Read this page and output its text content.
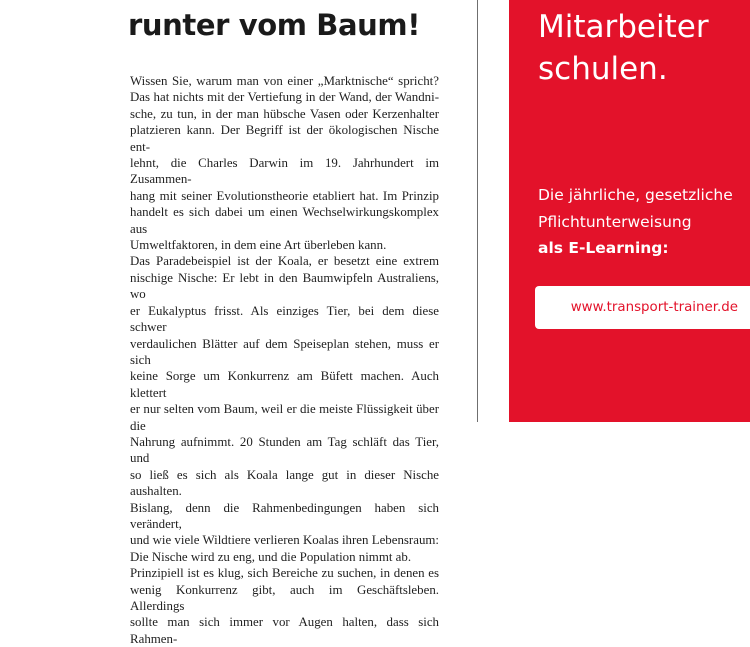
runter vom Baum!

Wissen Sie, warum man von einer „Marktnische“ spricht?

Das hat nichts mit der Vertiefung in der Wand, der Wandni-

sche, zu tun, in der man hübsche Vasen oder Kerzenhalter

platzieren kann. Der Begriff ist der ökologischen Nische ent-

lehnt, die Charles Darwin im 19. Jahrhundert im Zusammen-

hang mit seiner Evolutionstheorie etabliert hat. Im Prinzip

handelt es sich dabei um einen Wechselwirkungskomplex aus

Umweltfaktoren, in dem eine Art überleben kann.

Das Paradebeispiel ist der Koala, er besetzt eine extrem

nischige Nische: Er lebt in den Baumwipfeln Australiens, wo

er Eukalyptus frisst. Als einziges Tier, bei dem diese schwer

verdaulichen Blätter auf dem Speiseplan stehen, muss er sich

keine Sorge um Konkurrenz am Büfett machen. Auch klettert

er nur selten vom Baum, weil er die meiste Flüssigkeit über die

Nahrung aufnimmt. 20 Stunden am Tag schläft das Tier, und

so ließ es sich als Koala lange gut in dieser Nische aushalten.

Bislang, denn die Rahmenbedingungen haben sich verändert,

und wie viele Wildtiere verlieren Koalas ihren Lebensraum:

Die Nische wird zu eng, und die Population nimmt ab.

Prinzipiell ist es klug, sich Bereiche zu suchen, in denen es

wenig Konkurrenz gibt, auch im Geschäftsleben. Allerdings

sollte man sich immer vor Augen halten, dass sich Rahmen-

Mitarbeiter
schulen.
Die jährliche, gesetzliche
Pflichtunterweisung
als E-Learning:
www.transport-trainer.de
